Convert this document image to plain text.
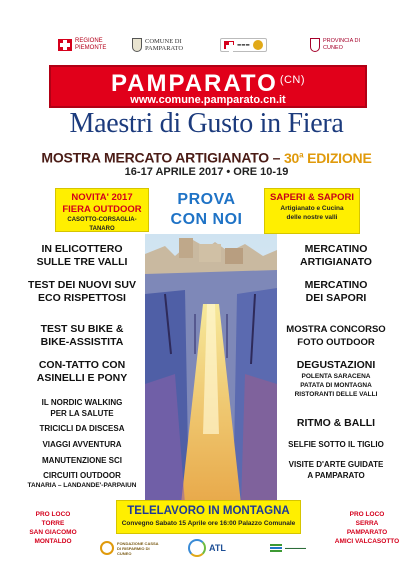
REGIONE PIEMONTE
COMUNE DI PAMPARATO	▬▬▬
PROVINCIA DI CUNEO
PAMPARATO $^{(CN)}$
www.comune.pamparato.cn.it
Maestri di Gusto in Fiera
MOSTRA MERCATO ARTIGIANATO – 30$^a$ EDIZIONE
16-17 APRILE 2017 • ORE 10-19
NOVITA' 2017
FIERA OUTDOOR
CASOTTO-CORSAGLIA-TANARO
PROVA
CON NOI
SAPERI & SAPORI
Artigianato e Cucina
delle nostre valli
IN ELICOTTERO
SULLE TRE VALLI
TEST DEI NUOVI SUV
ECO RISPETTOSI
TEST SU BIKE &
BIKE-ASSISTITA
CON-TATTO CON
ASINELLI E PONY
IL NORDIC WALKING
PER LA SALUTE
TRICICLI DA DISCESA
VIAGGI AVVENTURA
MANUTENZIONE SCI
CIRCUITI OUTDOOR
TANARIA – LANDANDE'-PARPAIUN
MERCATINO
ARTIGIANATO
MERCATINO
DEI SAPORI
MOSTRA CONCORSO
FOTO OUTDOOR
DEGUSTAZIONI
POLENTA SARACENA
PATATA DI MONTAGNA
RISTORANTI DELLE VALLI
RITMO & BALLI
SELFIE SOTTO IL TIGLIO
VISITE D'ARTE GUIDATE
A PAMPARATO
PRO LOCO
TORRE
SAN GIACOMO
MONTALDO
TELELAVORO IN MONTAGNA
Convegno Sabato 15 Aprile ore 16:00 Palazzo Comunale
PRO LOCO
SERRA
PAMPARATO
AMICI VALCASOTTO
FONDAZIONE CASSA DI RISPARMIO DI CUNEO	ATL	▬▬▬▬▬▬
